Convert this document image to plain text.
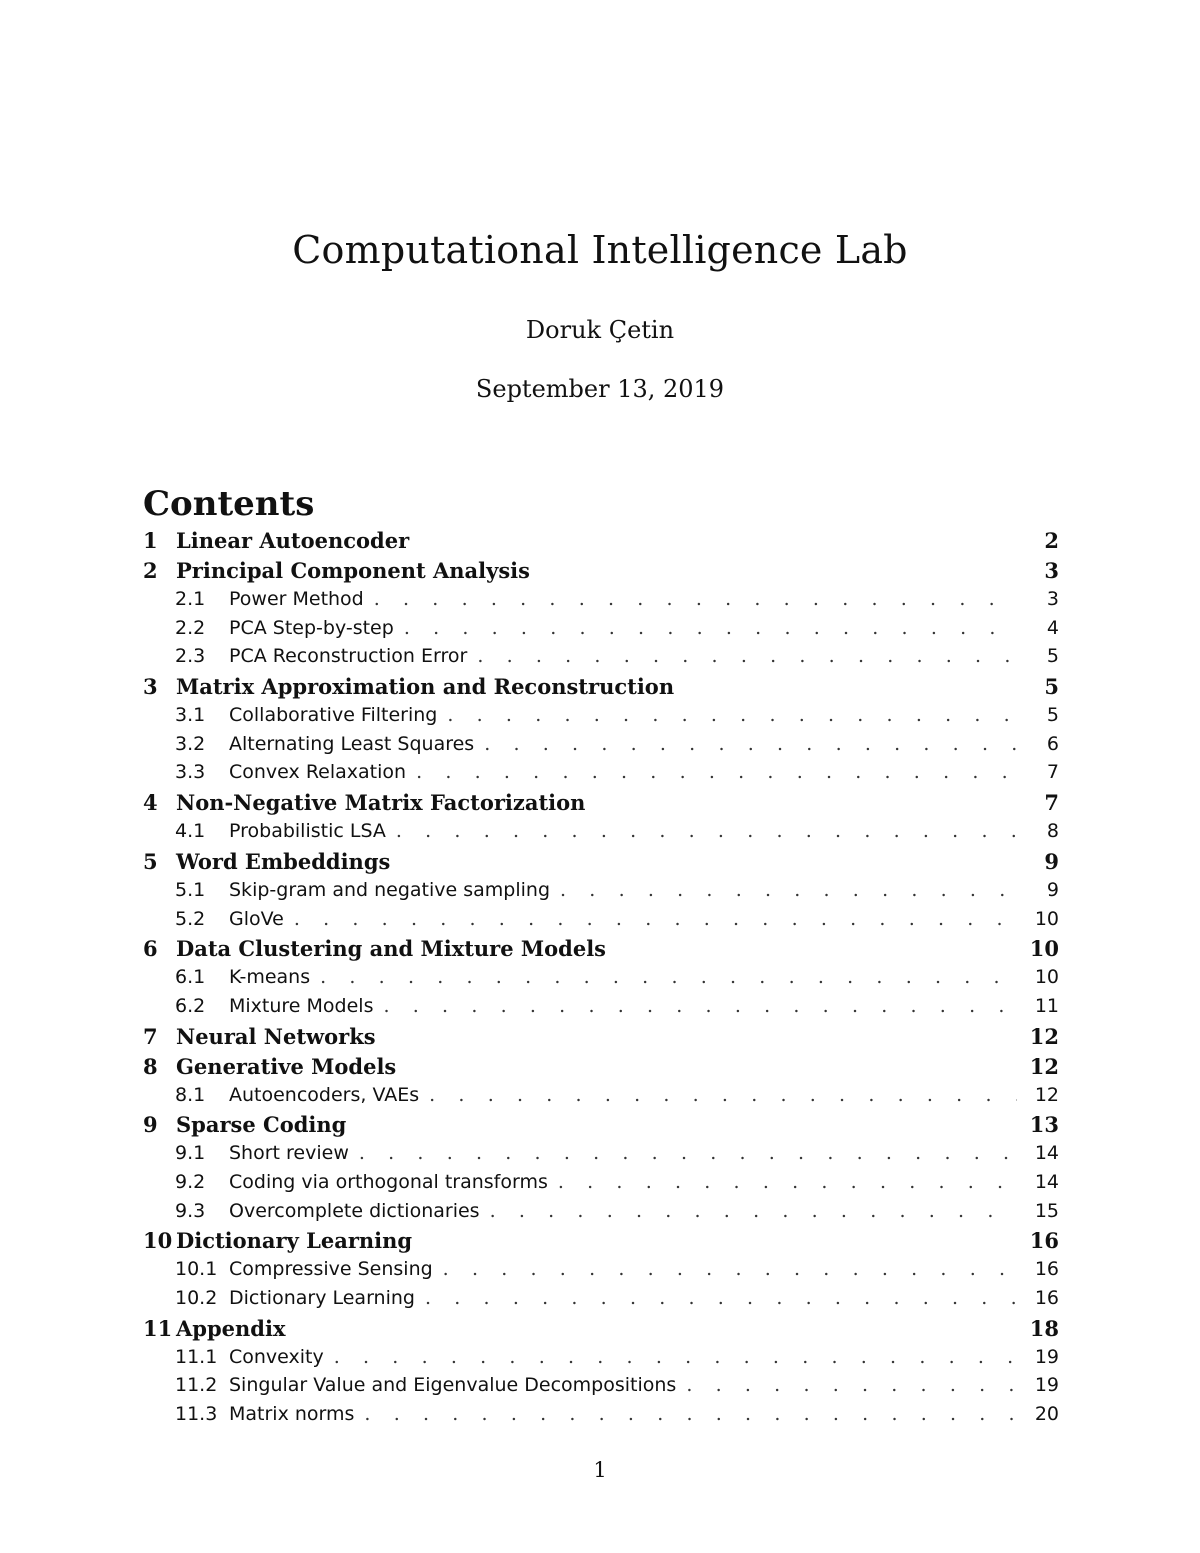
Computational Intelligence Lab
Doruk Çetin
September 13, 2019
Contents
1 Linear Autoencoder	2
2 Principal Component Analysis	3
2.1	Power Method . . .	3
2.2	PCA Step-by-step . . .	4
2.3	PCA Reconstruction Error . . .	5
3 Matrix Approximation and Reconstruction	5
3.1	Collaborative Filtering . . .	5
3.2	Alternating Least Squares . . .	6
3.3	Convex Relaxation . . .	7
4 Non-Negative Matrix Factorization	7
4.1	Probabilistic LSA . . .	8
5 Word Embeddings	9
5.1	Skip-gram and negative sampling . . .	9
5.2	GloVe . . .	10
6 Data Clustering and Mixture Models	10
6.1	K-means . . .	10
6.2	Mixture Models . . .	11
7 Neural Networks	12
8 Generative Models	12
8.1	Autoencoders, VAEs . . .	12
9 Sparse Coding	13
9.1	Short review . . .	14
9.2	Coding via orthogonal transforms . . .	14
9.3	Overcomplete dictionaries . . .	15
10 Dictionary Learning	16
10.1 Compressive Sensing . . .	16
10.2 Dictionary Learning . . .	16
11 Appendix	18
11.1 Convexity . . .	19
11.2 Singular Value and Eigenvalue Decompositions . . .	19
11.3 Matrix norms . . .	20
1
